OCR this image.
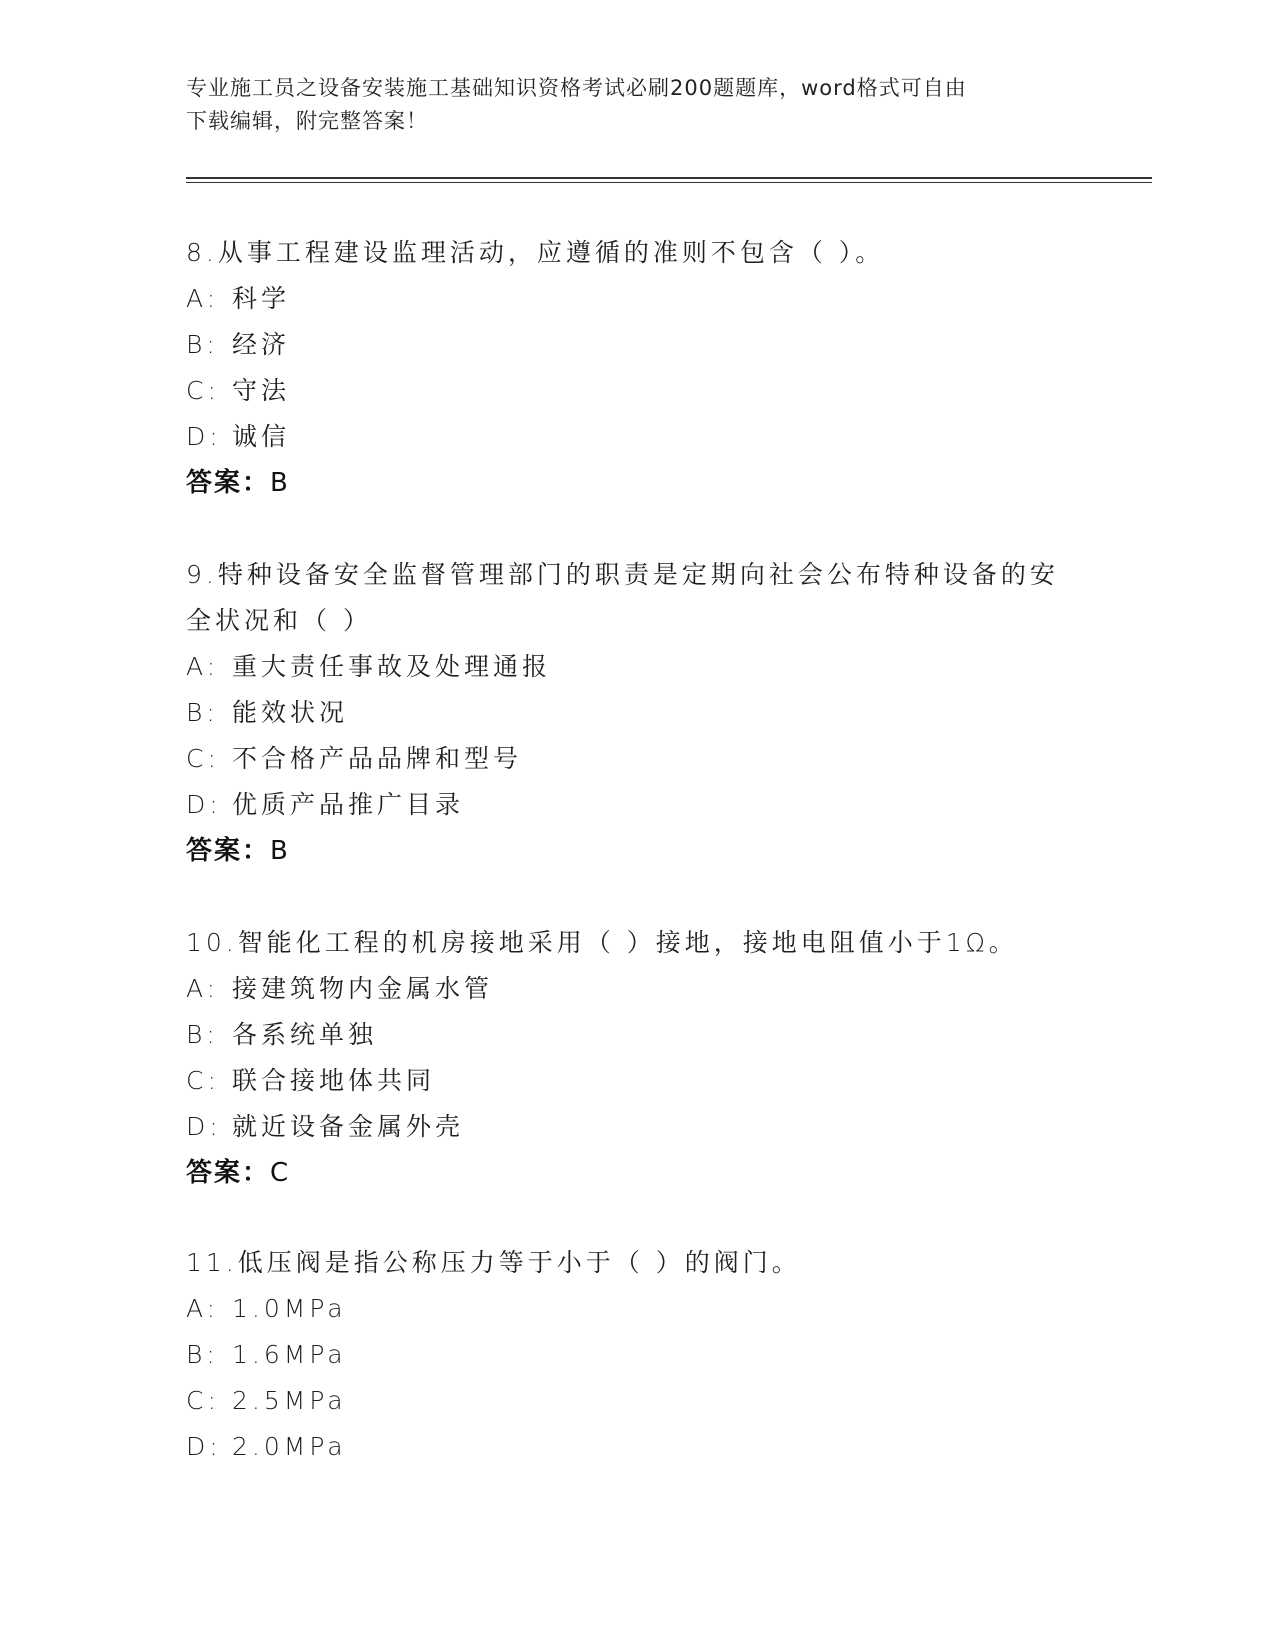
专业施工员之设备安装施工基础知识资格考试必刷200题题库，word格式可自由
下载编辑，附完整答案！
8.从事工程建设监理活动，应遵循的准则不包含（ ）。
A: 科学
B: 经济
C: 守法
D: 诚信
答案：B
9.特种设备安全监督管理部门的职责是定期向社会公布特种设备的安
全状况和（ ）
A: 重大责任事故及处理通报
B: 能效状况
C: 不合格产品品牌和型号
D: 优质产品推广目录
答案：B
10.智能化工程的机房接地采用（ ）接地，接地电阻值小于1Ω。
A: 接建筑物内金属水管
B: 各系统单独
C: 联合接地体共同
D: 就近设备金属外壳
答案：C
11.低压阀是指公称压力等于小于（ ）的阀门。
A: 1.0MPa
B: 1.6MPa
C: 2.5MPa
D: 2.0MPa
